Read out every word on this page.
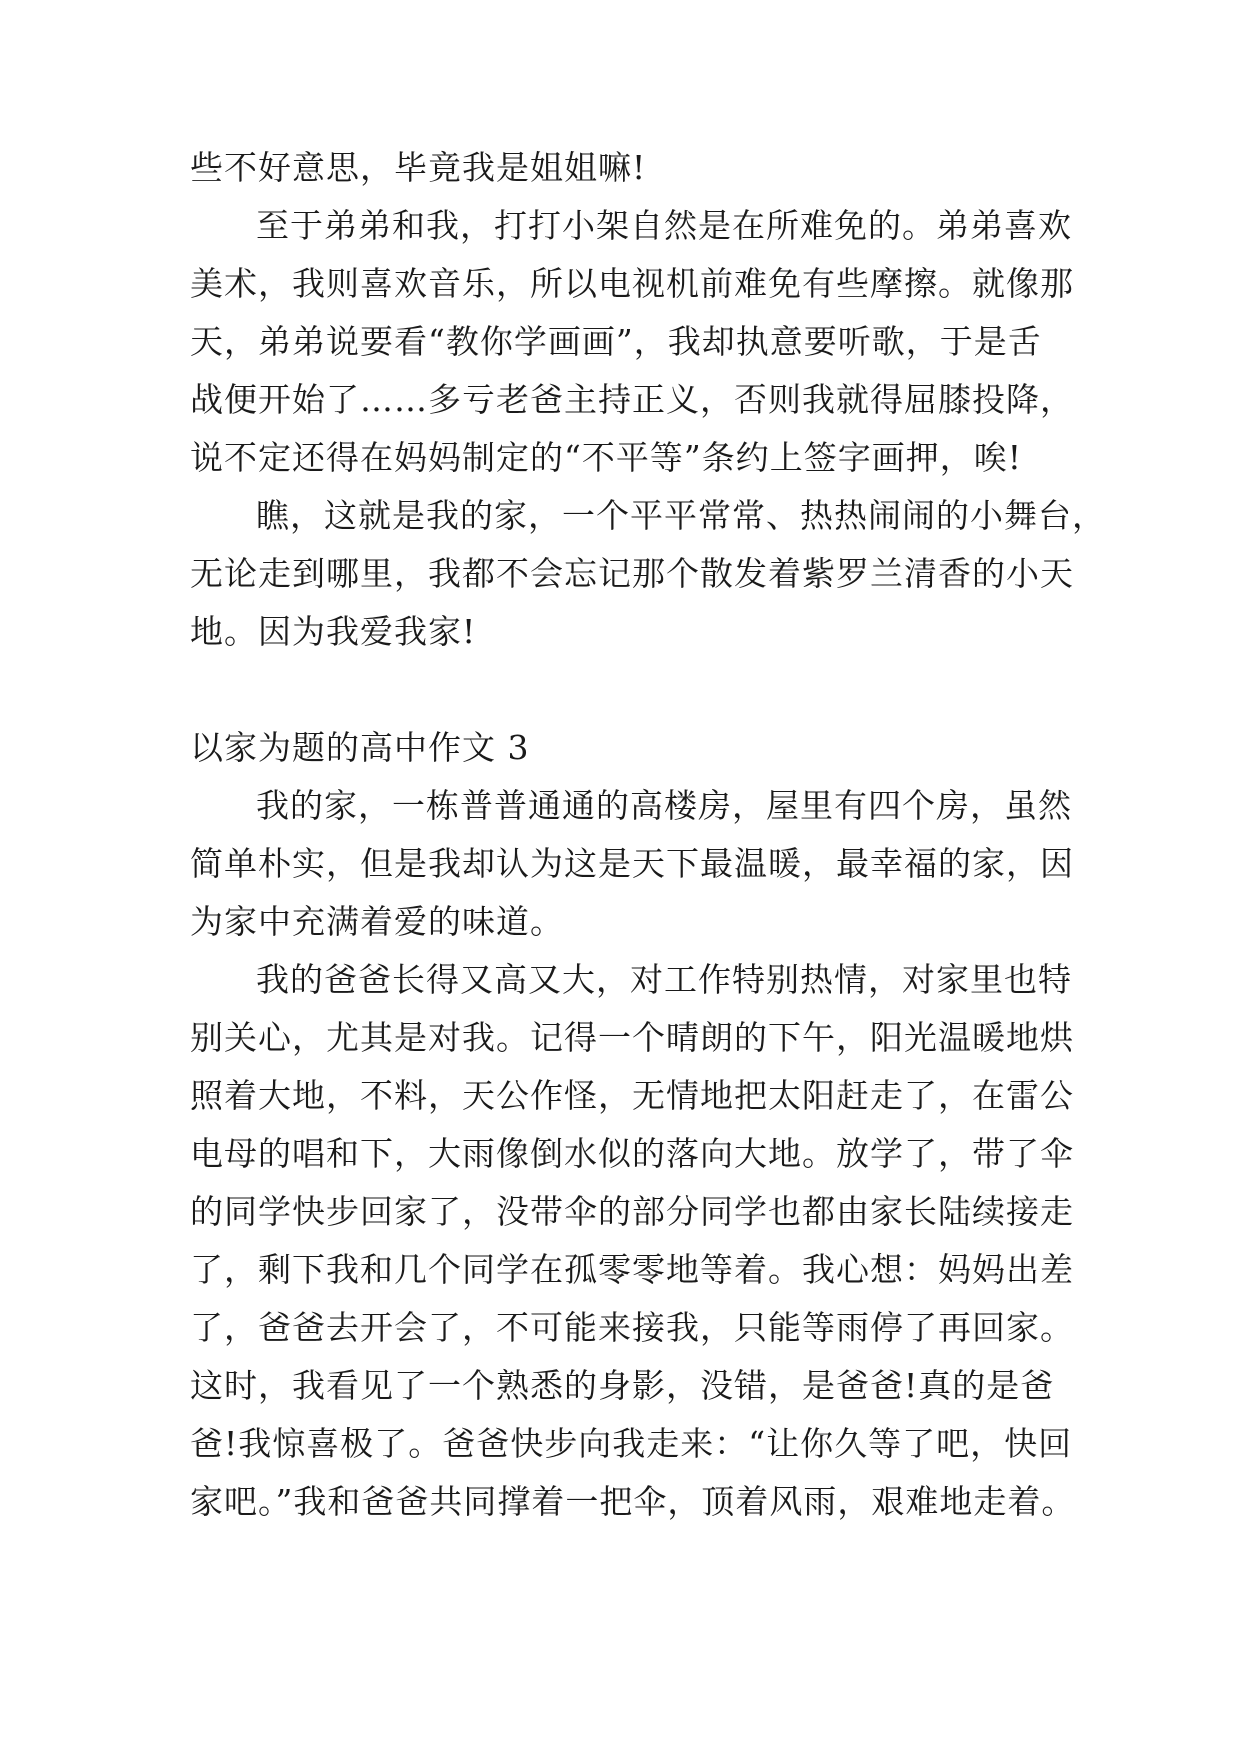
些不好意思，毕竟我是姐姐嘛!
至于弟弟和我，打打小架自然是在所难免的。弟弟喜欢
美术，我则喜欢音乐，所以电视机前难免有些摩擦。就像那
天，弟弟说要看“教你学画画”，我却执意要听歌，于是舌
战便开始了……多亏老爸主持正义，否则我就得屈膝投降，
说不定还得在妈妈制定的“不平等”条约上签字画押，唉!
瞧，这就是我的家，一个平平常常、热热闹闹的小舞台，
无论走到哪里，我都不会忘记那个散发着紫罗兰清香的小天
地。因为我爱我家!
以家为题的高中作文 3
我的家，一栋普普通通的高楼房，屋里有四个房，虽然
简单朴实，但是我却认为这是天下最温暖，最幸福的家，因
为家中充满着爱的味道。
我的爸爸长得又高又大，对工作特别热情，对家里也特
别关心，尤其是对我。记得一个晴朗的下午，阳光温暖地烘
照着大地，不料，天公作怪，无情地把太阳赶走了，在雷公
电母的唱和下，大雨像倒水似的落向大地。放学了，带了伞
的同学快步回家了，没带伞的部分同学也都由家长陆续接走
了，剩下我和几个同学在孤零零地等着。我心想：妈妈出差
了，爸爸去开会了，不可能来接我，只能等雨停了再回家。
这时，我看见了一个熟悉的身影，没错，是爸爸!真的是爸
爸!我惊喜极了。爸爸快步向我走来：“让你久等了吧，快回
家吧。”我和爸爸共同撑着一把伞，顶着风雨，艰难地走着。
